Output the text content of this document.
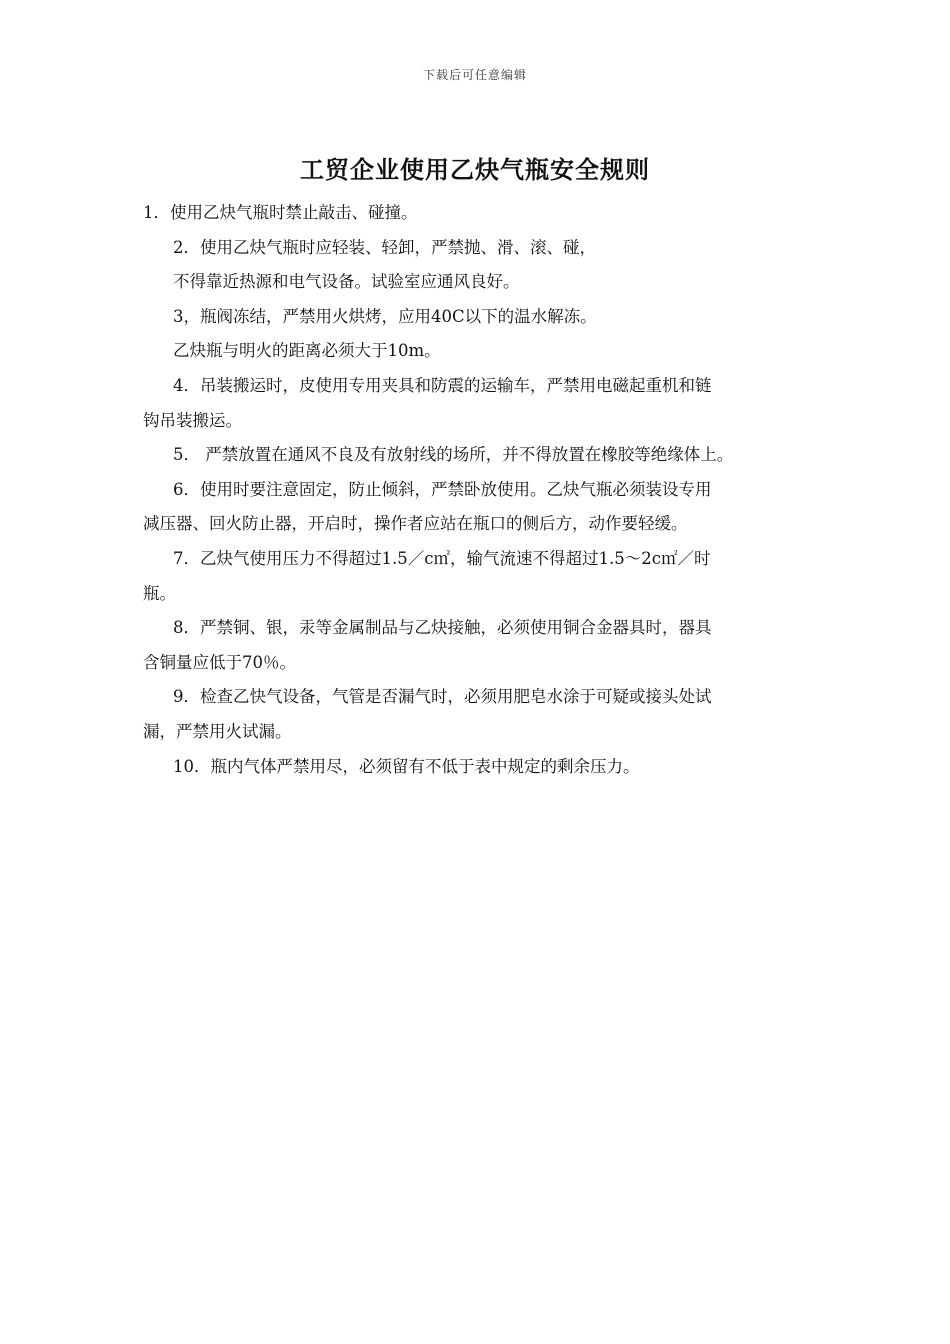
下载后可任意编辑
工贸企业使用乙炔气瓶安全规则
1．使用乙炔气瓶时禁止敲击、碰撞。
2．使用乙炔气瓶时应轻装、轻卸，严禁抛、滑、滚、碰，
不得靠近热源和电气设备。试验室应通风良好。
3，瓶阀冻结，严禁用火烘烤，应用40C以下的温水解冻。
乙炔瓶与明火的距离必须大于10m。
4．吊装搬运时，皮使用专用夹具和防震的运输车，严禁用电磁起重机和链
钩吊装搬运。
5． 严禁放置在通风不良及有放射线的场所，并不得放置在橡胶等绝缘体上。
6．使用时要注意固定，防止倾斜，严禁卧放使用。乙炔气瓶必须装设专用
减压器、回火防止器，开启时，操作者应站在瓶口的侧后方，动作要轻缓。
7．乙炔气使用压力不得超过1.5／c㎡，输气流速不得超过1.5～2c㎡／时
瓶。
8．严禁铜、银，汞等金属制品与乙炔接触，必须使用铜合金器具时，器具
含铜量应低于70％。
9．检查乙快气设备，气管是否漏气时，必须用肥皂水涂于可疑或接头处试
漏，严禁用火试漏。
10．瓶内气体严禁用尽，必须留有不低于表中规定的剩余压力。
